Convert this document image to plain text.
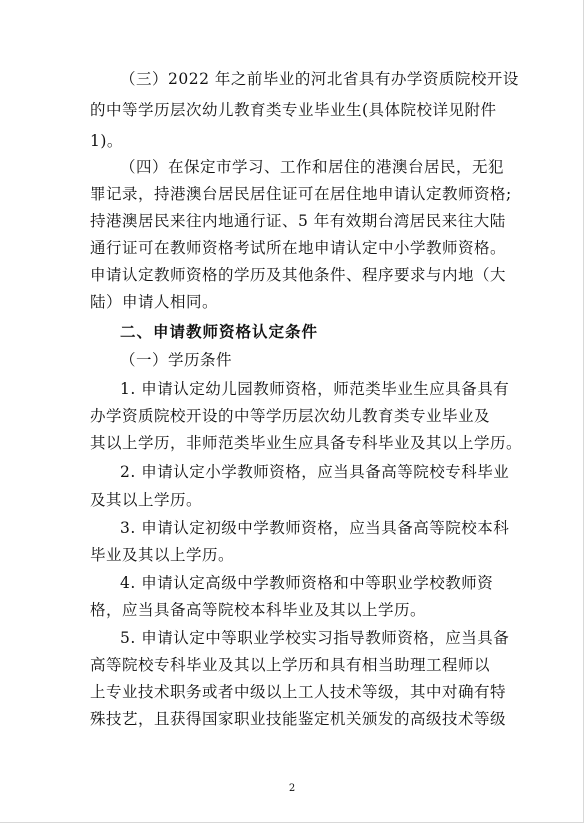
（三）2022 年之前毕业的河北省具有办学资质院校开设
的中等学历层次幼儿教育类专业毕业生(具体院校详见附件
1)。
（四）在保定市学习、工作和居住的港澳台居民，无犯
罪记录，持港澳台居民居住证可在居住地申请认定教师资格;
持港澳居民来往内地通行证、5 年有效期台湾居民来往大陆
通行证可在教师资格考试所在地申请认定中小学教师资格。
申请认定教师资格的学历及其他条件、程序要求与内地（大
陆）申请人相同。
二、申请教师资格认定条件
（一）学历条件
1. 申请认定幼儿园教师资格，师范类毕业生应具备具有
办学资质院校开设的中等学历层次幼儿教育类专业毕业及
其以上学历，非师范类毕业生应具备专科毕业及其以上学历。
2. 申请认定小学教师资格，应当具备高等院校专科毕业
及其以上学历。
3. 申请认定初级中学教师资格，应当具备高等院校本科
毕业及其以上学历。
4. 申请认定高级中学教师资格和中等职业学校教师资
格，应当具备高等院校本科毕业及其以上学历。
5. 申请认定中等职业学校实习指导教师资格，应当具备
高等院校专科毕业及其以上学历和具有相当助理工程师以
上专业技术职务或者中级以上工人技术等级，其中对确有特
殊技艺，且获得国家职业技能鉴定机关颁发的高级技术等级
2
